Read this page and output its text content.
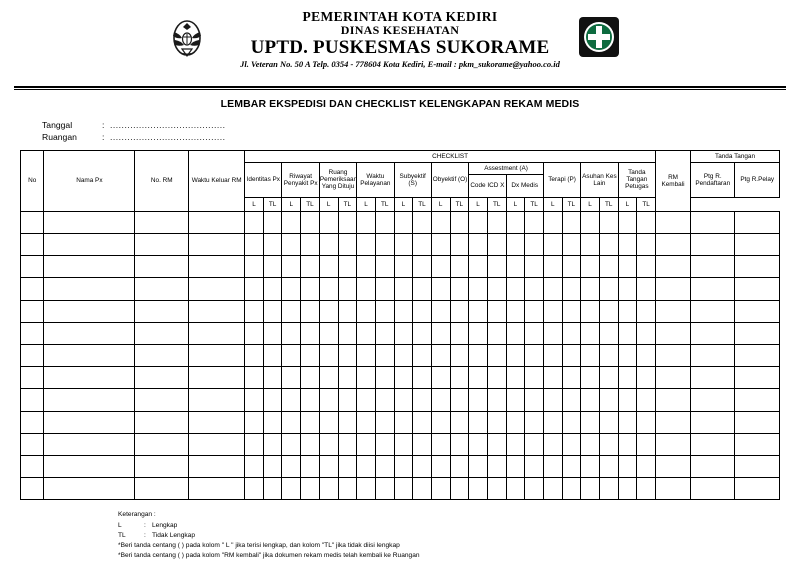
PEMERINTAH KOTA KEDIRI
DINAS KESEHATAN
UPTD. PUSKESMAS SUKORAME
Jl. Veteran No. 50 A Telp. 0354 - 778604 Kota Kediri, E-mail : pkm_sukorame@yahoo.co.id
LEMBAR EKSPEDISI DAN CHECKLIST KELENGKAPAN REKAM MEDIS
Tanggal	: ........................................
Ruangan	: ........................................
No	Nama Px	No. RM	Waktu Keluar RM	CHECKLIST																						RM Kembali	Tanda Tangan	
				Identitas Px		Riwayat Penyakit Px		Ruang Pemeriksaan Yang Dituju		Waktu Pelayanan		Subyektif (S)		Obyektif (O)		Assestment (A)				Terapi (P)		Asuhan Kes Lain		Tanda Tangan Petugas			Ptg R. Pendaftaran	Ptg R.Pelay
																Code ICD X		Dx Medis										
				L	TL	L	TL	L	TL	L	TL	L	TL	L	TL	L	TL	L	TL	L	TL	L	TL	L	TL			

Keterangan :
L	: Lengkap
TL	: Tidak Lengkap
*Beri tanda centang ( ) pada kolom " L " jika terisi lengkap, dan kolom "TL" jika tidak diisi lengkap
*Beri tanda centang ( ) pada kolom "RM kembali" jika dokumen rekam medis telah kembali ke Ruangan
